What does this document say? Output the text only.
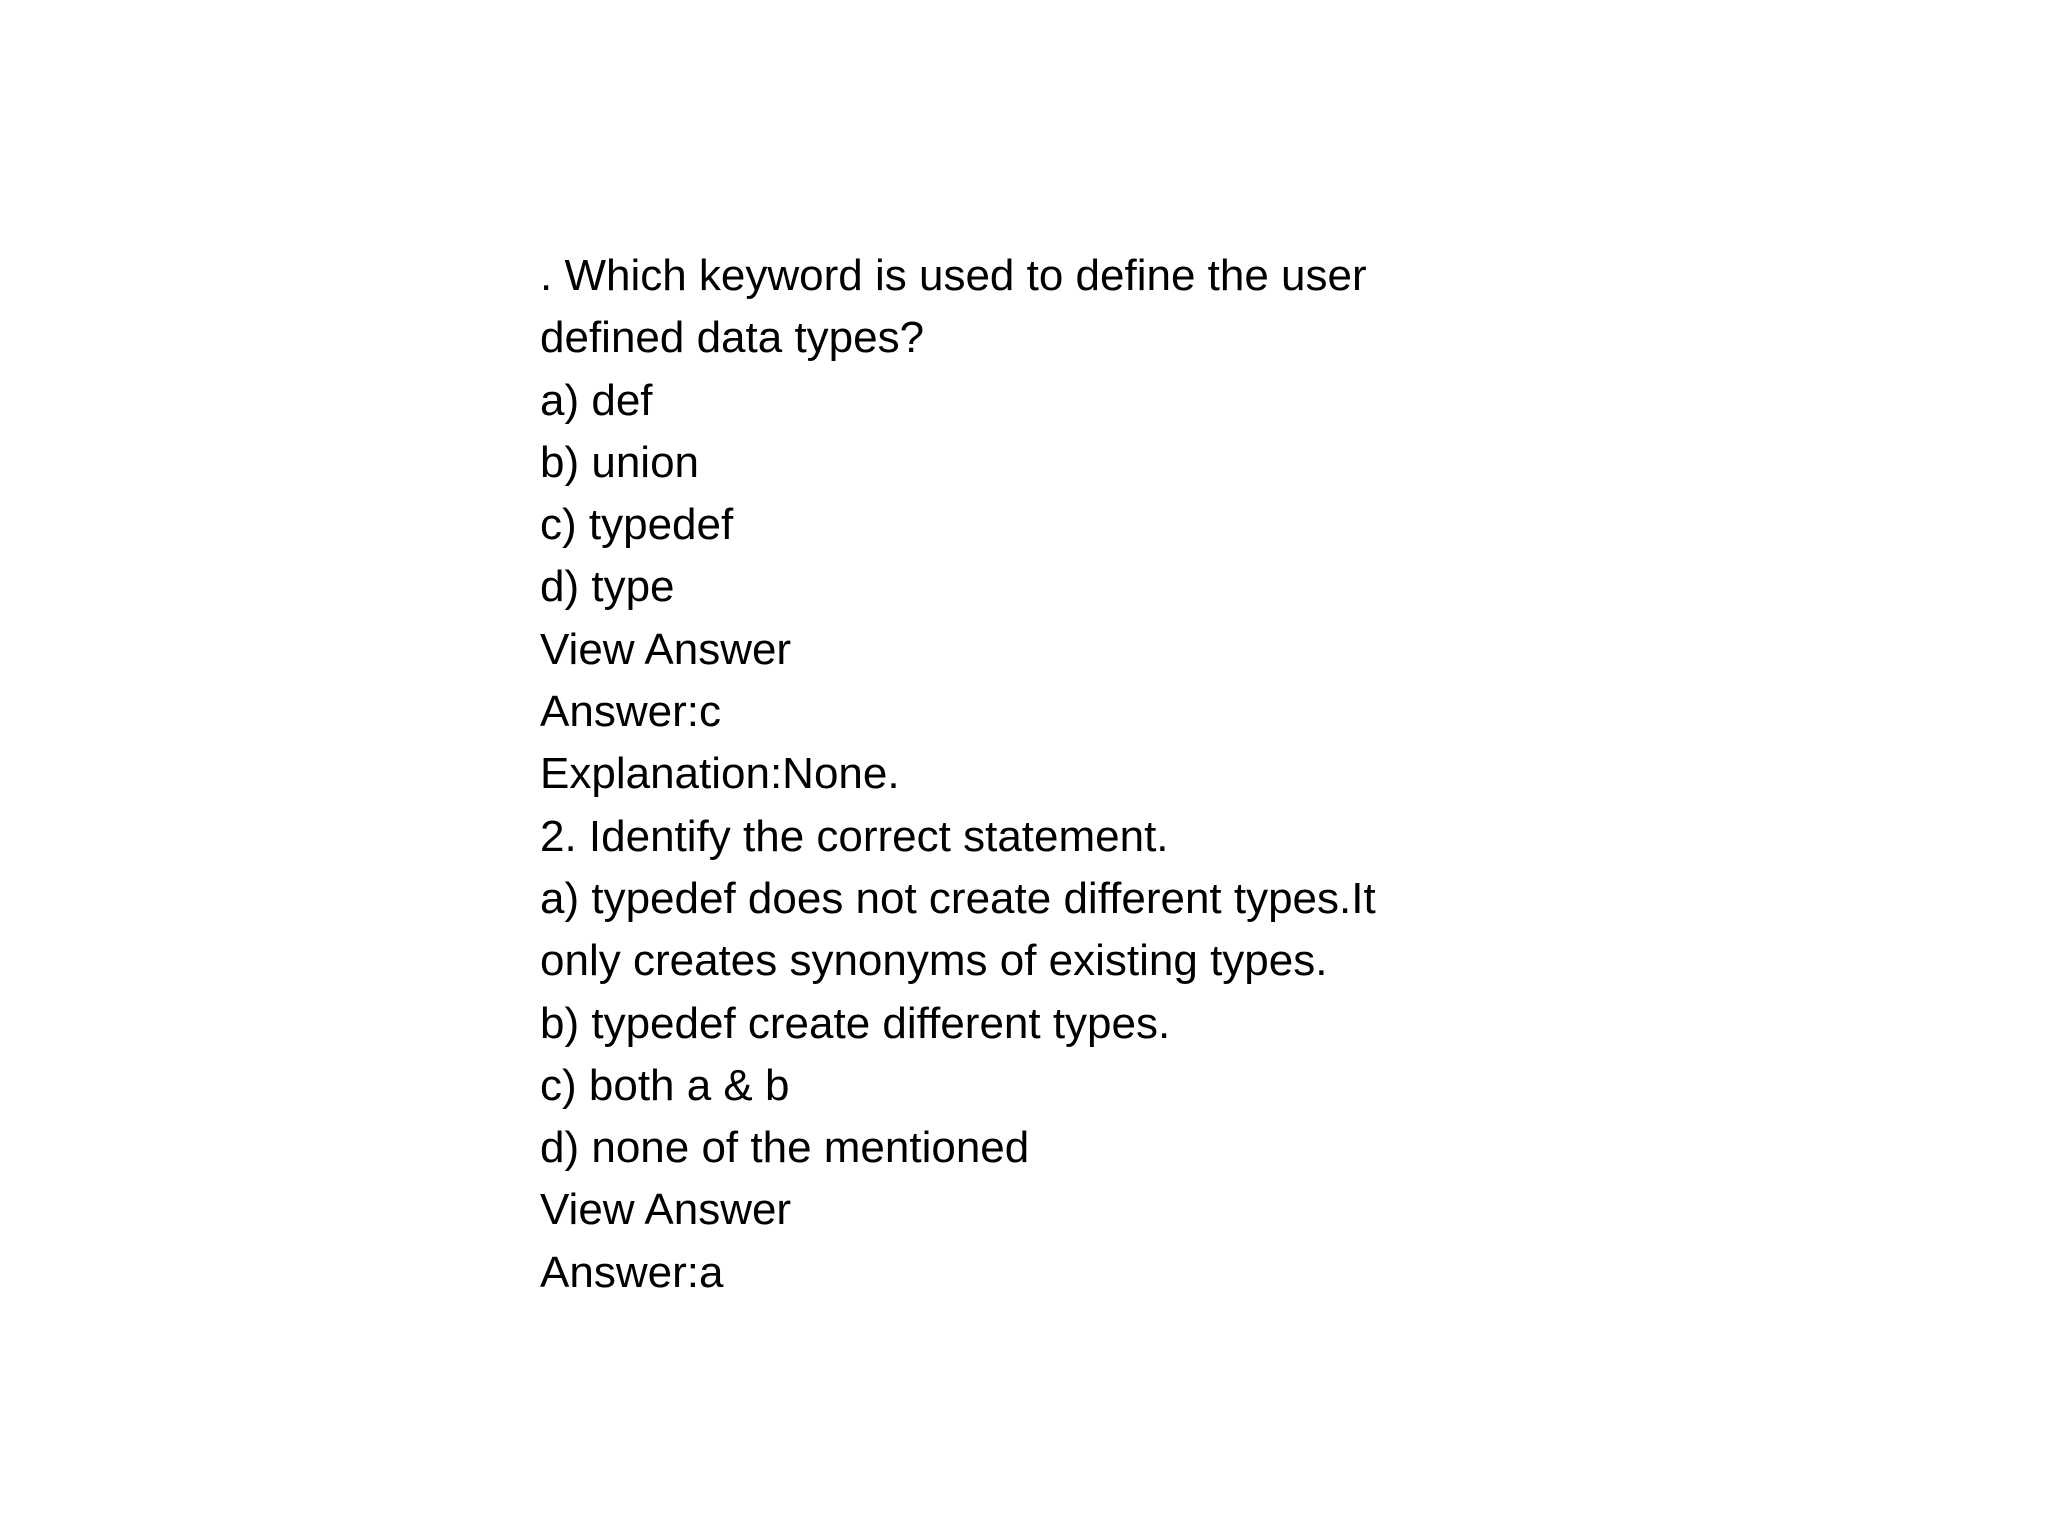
. Which keyword is used to define the user
defined data types?
a) def
b) union
c) typedef
d) type
View Answer
Answer:c
Explanation:None.
2. Identify the correct statement.
a) typedef does not create different types.It
only creates synonyms of existing types.
b) typedef create different types.
c) both a & b
d) none of the mentioned
View Answer
Answer:a
